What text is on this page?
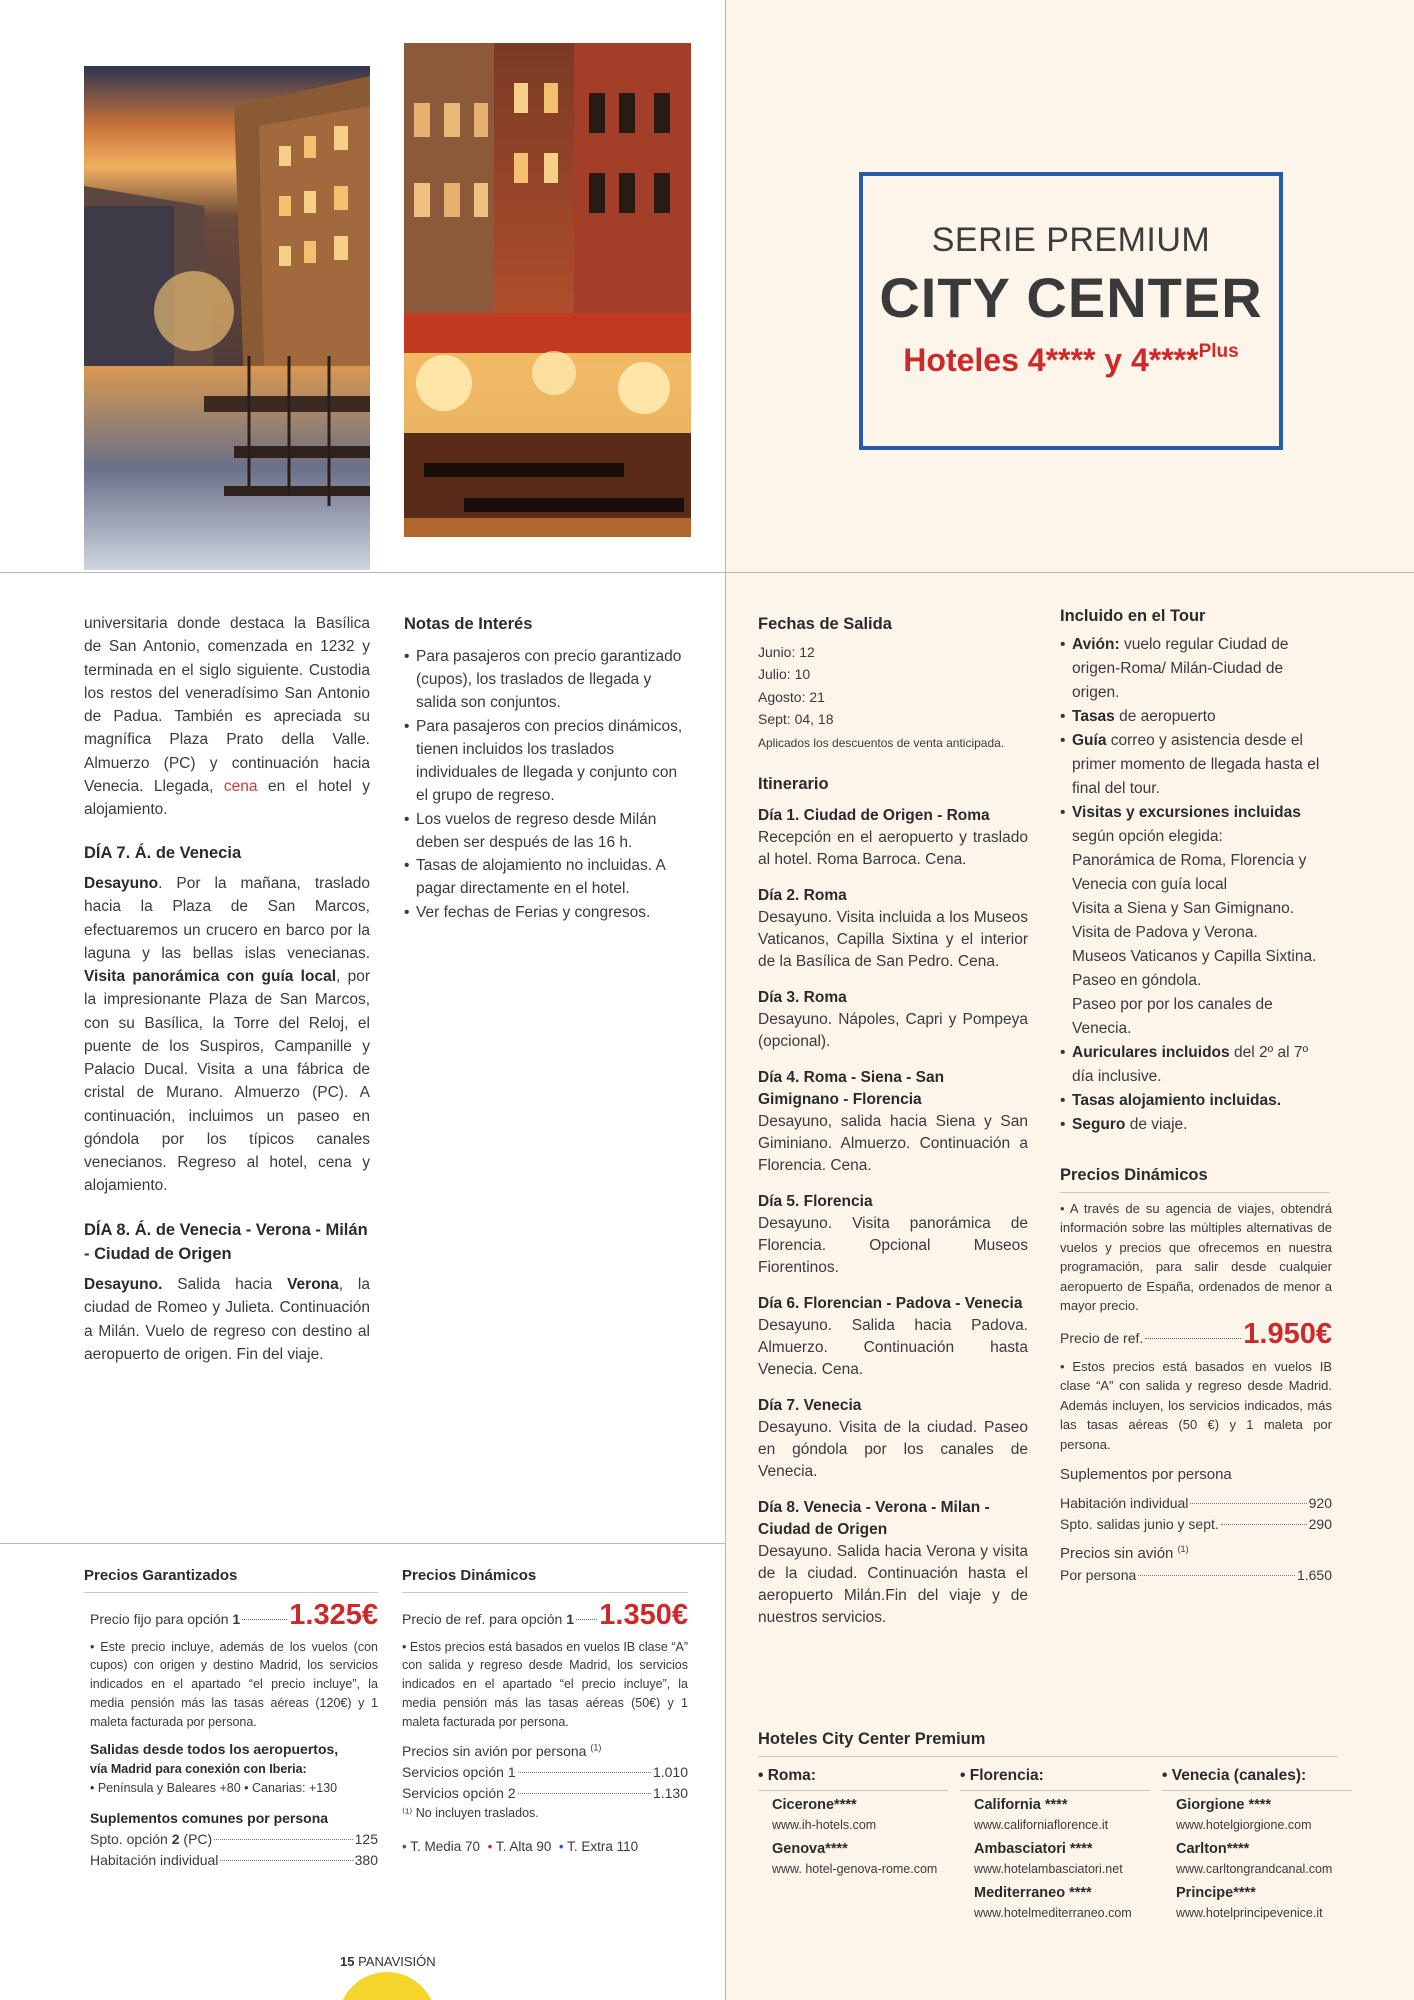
SERIE PREMIUM
CITY CENTER
Hoteles 4**** y 4****$^{Plus}$

universitaria donde destaca la Basílica de San Antonio, comenzada en 1232 y terminada en el siglo siguiente. Custodia los restos del veneradísimo San Antonio de Padua. También es apreciada su magnífica Plaza Prato della Valle. Almuerzo (PC) y continuación hacia Venecia. Llegada, cena en el hotel y alojamiento.

DÍA 7. Á. de Venecia

Desayuno. Por la mañana, traslado hacia la Plaza de San Marcos, efectuaremos un crucero en barco por la laguna y las bellas islas venecianas. Visita panorámica con guía local, por la impresionante Plaza de San Marcos, con su Basílica, la Torre del Reloj, el puente de los Suspiros, Campanille y Palacio Ducal. Visita a una fábrica de cristal de Murano. Almuerzo (PC). A continuación, incluimos un paseo en góndola por los típicos canales venecianos. Regreso al hotel, cena y alojamiento.

DÍA 8. Á. de Venecia - Verona - Milán - Ciudad de Origen

Desayuno. Salida hacia Verona, la ciudad de Romeo y Julieta. Continuación a Milán. Vuelo de regreso con destino al aeropuerto de origen. Fin del viaje.

Notas de Interés
• Para pasajeros con precio garantizado (cupos), los traslados de llegada y salida son conjuntos.
• Para pasajeros con precios dinámicos, tienen incluidos los traslados individuales de llegada y conjunto con el grupo de regreso.
• Los vuelos de regreso desde Milán deben ser después de las 16 h.
• Tasas de alojamiento no incluidas. A pagar directamente en el hotel.
• Ver fechas de Ferias y congresos.
Precios Garantizados
Precio fijo para opción 1 1.325€

• Este precio incluye, además de los vuelos (con cupos) con origen y destino Madrid, los servicios indicados en el apartado “el precio incluye”, la media pensión más las tasas aéreas (120€) y 1 maleta facturada por persona.

Salidas desde todos los aeropuertos,
vía Madrid para conexión con Iberia:
• Península y Baleares +80 • Canarias: +130
Suplementos comunes por persona
Spto. opción 2 (PC)	125
Habitación individual	380
Precios Dinámicos
Precio de ref. para opción 1 1.350€

• Estos precios está basados en vuelos IB clase “A” con salida y regreso desde Madrid, los servicios indicados en el apartado “el precio incluye”, la media pensión más las tasas aéreas (50€) y 1 maleta facturada por persona.

Precios sin avión por persona $^{(1)}$
Servicios opción 1	1.010
Servicios opción 2	1.130
⁽¹⁾ No incluyen traslados.
• T. Media 70 • T. Alta 90 • T. Extra 110
Fechas de Salida
Junio: 12
Julio: 10
Agosto: 21
Sept: 04, 18
Aplicados los descuentos de venta anticipada.
Itinerario
Día 1. Ciudad de Origen - Roma
Recepción en el aeropuerto y traslado al hotel. Roma Barroca. Cena.
Día 2. Roma
Desayuno. Visita incluida a los Museos Vaticanos, Capilla Sixtina y el interior de la Basílica de San Pedro. Cena.
Día 3. Roma
Desayuno. Nápoles, Capri y Pompeya (opcional).
Día 4. Roma - Siena - San Gimignano - Florencia
Desayuno, salida hacia Siena y San Giminiano. Almuerzo. Continuación a Florencia. Cena.
Día 5. Florencia
Desayuno. Visita panorámica de Florencia. Opcional Museos Fiorentinos.
Día 6. Florencian - Padova - Venecia
Desayuno. Salida hacia Padova. Almuerzo. Continuación hasta Venecia. Cena.
Día 7. Venecia
Desayuno. Visita de la ciudad. Paseo en góndola por los canales de Venecia.
Día 8. Venecia - Verona - Milan - Ciudad de Origen
Desayuno. Salida hacia Verona y visita de la ciudad. Continuación hasta el aeropuerto Milán.Fin del viaje y de nuestros servicios.
Incluido en el Tour
• Avión: vuelo regular Ciudad de origen-Roma/ Milán-Ciudad de origen.
• Tasas de aeropuerto
• Guía correo y asistencia desde el primer momento de llegada hasta el final del tour.
• Visitas y excursiones incluidas según opción elegida:
Panorámica de Roma, Florencia y Venecia con guía local
Visita a Siena y San Gimignano.
Visita de Padova y Verona.
Museos Vaticanos y Capilla Sixtina.
Paseo en góndola.
Paseo por por los canales de Venecia.
• Auriculares incluidos del 2º al 7º día inclusive.
• Tasas alojamiento incluidas.
• Seguro de viaje.
Precios Dinámicos

• A través de su agencia de viajes, obtendrá información sobre las múltiples alternativas de vuelos y precios que ofrecemos en nuestra programación, para salir desde cualquier aeropuerto de España, ordenados de menor a mayor precio.

Precio de ref.	1.950€

• Estos precios está basados en vuelos IB clase “A” con salida y regreso desde Madrid. Además incluyen, los servicios indicados, más las tasas aéreas (50 €) y 1 maleta por persona.

Suplementos por persona
Habitación individual	920
Spto. salidas junio y sept.	290
Precios sin avión $^{(1)}$
Por persona	1.650
Hoteles City Center Premium
• Roma:
Cicerone****
www.ih-hotels.com
Genova****
www. hotel-genova-rome.com
• Florencia:
California ****
www.californiaflorence.it
Ambasciatori ****
www.hotelambasciatori.net
Mediterraneo ****
www.hotelmediterraneo.com
• Venecia (canales):
Giorgione ****
www.hotelgiorgione.com
Carlton****
www.carltongrandcanal.com
Principe****
www.hotelprincipevenice.it
15 PANAVISIÓN
